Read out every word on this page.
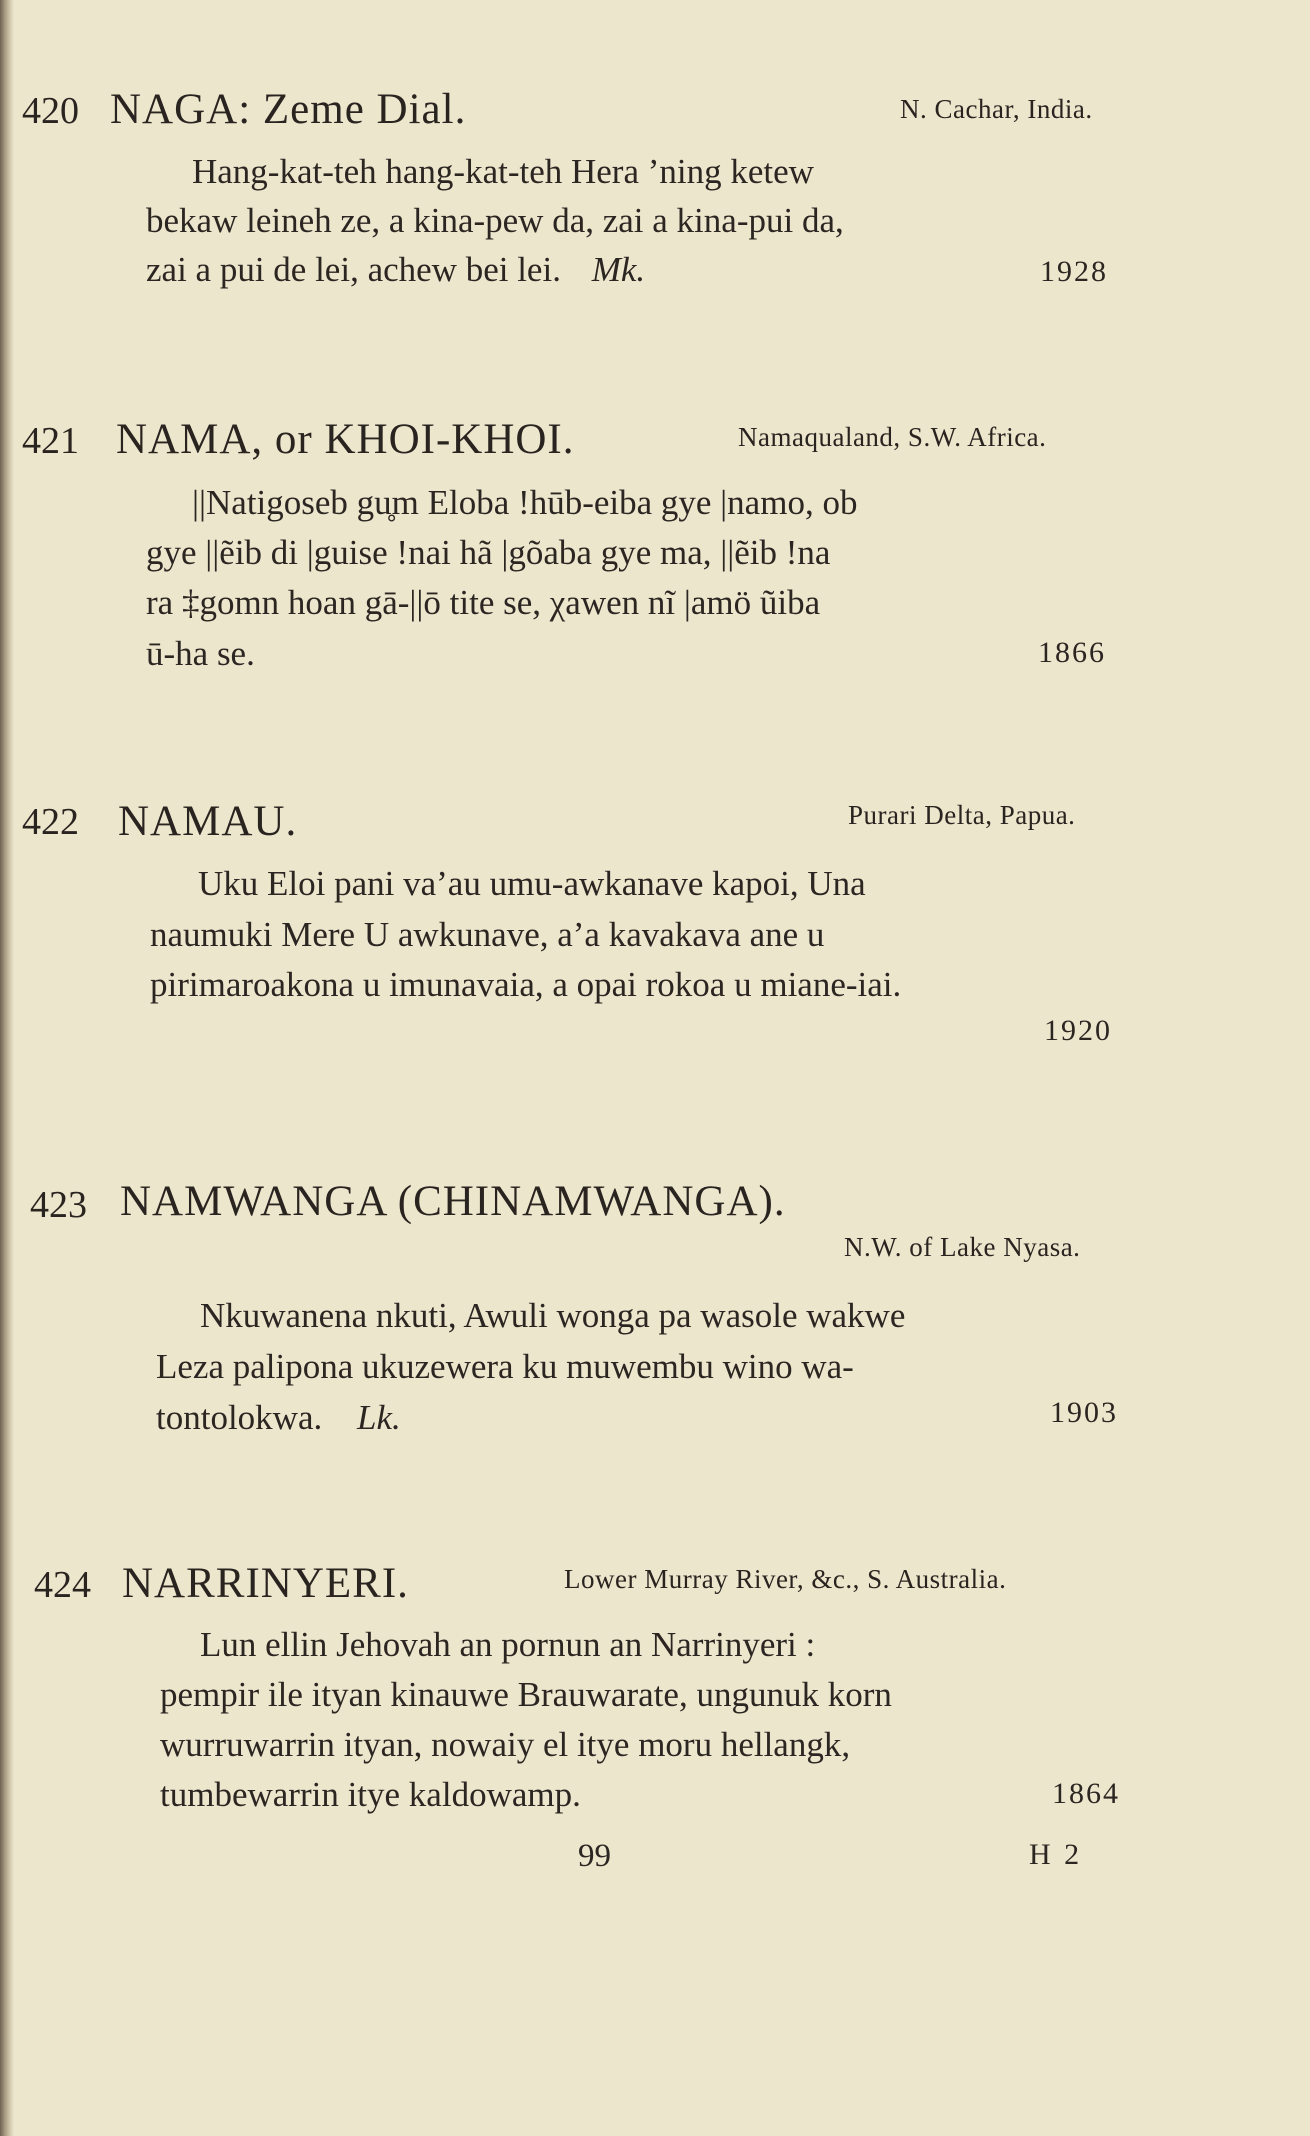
420 NAGA: Zeme Dial.	N. Cachar, India.
Hang-kat-teh hang-kat-teh Hera ’ning ketew
bekaw leineh ze, a kina-pew da, zai a kina-pui da,
zai a pui de lei, achew bei lei. Mk.	1928
421 NAMA, or KHOI-KHOI.	Namaqualand, S.W. Africa.
||Natigoseb gu̥m Eloba !hūb-eiba gye |namo, ob
gye ||ẽib di |guise !nai hã |gõaba gye ma, ||ẽib !na
ra ‡gomn hoan gā-||ō tite se, χawen nĩ |amö ũiba
ū-ha se.	1866
422 NAMAU.	Purari Delta, Papua.
Uku Eloi pani va’au umu-awkanave kapoi, Una
naumuki Mere U awkunave, a’a kavakava ane u
pirimaroakona u imunavaia, a opai rokoa u miane-iai.
1920
423 NAMWANGA (CHINAMWANGA).
N.W. of Lake Nyasa.
Nkuwanena nkuti, Awuli wonga pa wasole wakwe
Leza palipona ukuzewera ku muwembu wino wa-
tontolokwa. Lk.	1903
424 NARRINYERI.	Lower Murray River, &c., S. Australia.
Lun ellin Jehovah an pornun an Narrinyeri :
pempir ile ityan kinauwe Brauwarate, ungunuk korn
wurruwarrin ityan, nowaiy el itye moru hellangk,
tumbewarrin itye kaldowamp.	1864
99	H 2
